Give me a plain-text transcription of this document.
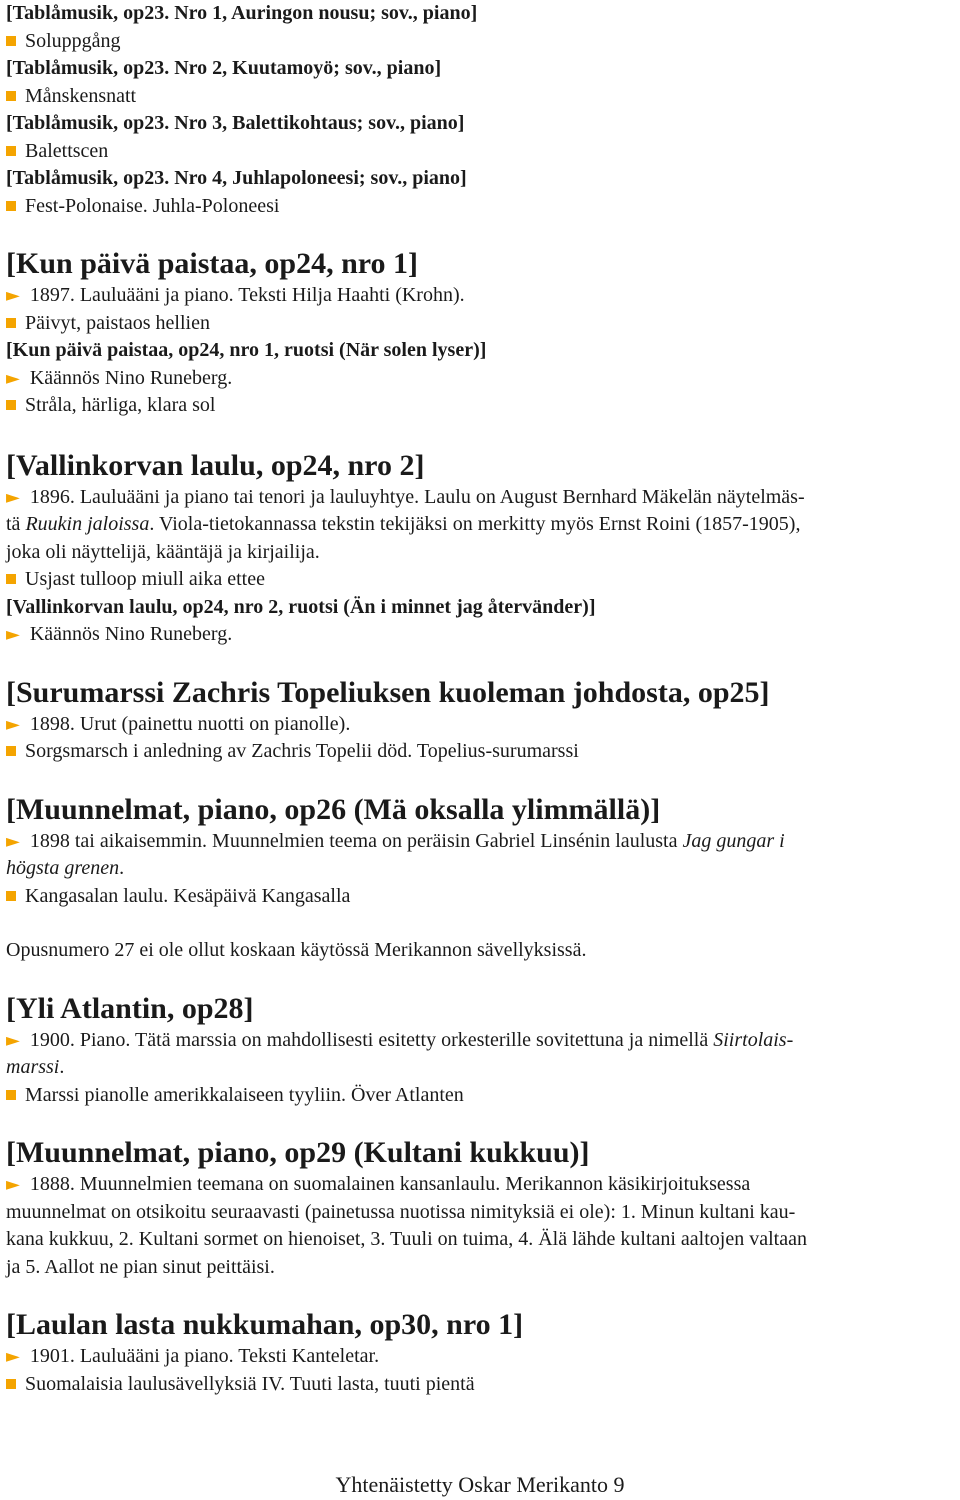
[Tablåmusik, op23. Nro 1, Auringon nousu; sov., piano]

Soluppgång

[Tablåmusik, op23. Nro 2, Kuutamoyö; sov., piano]

Månskensnatt

[Tablåmusik, op23. Nro 3, Balettikohtaus; sov., piano]

Balettscen

[Tablåmusik, op23. Nro 4, Juhlapoloneesi; sov., piano]

Fest-Polonaise. Juhla-Poloneesi

[Kun päivä paistaa, op24, nro 1]

► 1897. Lauluääni ja piano. Teksti Hilja Haahti (Krohn).

Päivyt, paistaos hellien

[Kun päivä paistaa, op24, nro 1, ruotsi (När solen lyser)]

► Käännös Nino Runeberg.

Stråla, härliga, klara sol

[Vallinkorvan laulu, op24, nro 2]

► 1896. Lauluääni ja piano tai tenori ja lauluyhtye. Laulu on August Bernhard Mäkelän näytelmäs-

tä Ruukin jaloissa. Viola-tietokannassa tekstin tekijäksi on merkitty myös Ernst Roini (1857-1905),

joka oli näyttelijä, kääntäjä ja kirjailija.

Usjast tulloop miull aika ettee

[Vallinkorvan laulu, op24, nro 2, ruotsi (Än i minnet jag återvänder)]

► Käännös Nino Runeberg.

[Surumarssi Zachris Topeliuksen kuoleman johdosta, op25]

► 1898. Urut (painettu nuotti on pianolle).

Sorgsmarsch i anledning av Zachris Topelii död. Topelius-surumarssi

[Muunnelmat, piano, op26 (Mä oksalla ylimmällä)]

► 1898 tai aikaisemmin. Muunnelmien teema on peräisin Gabriel Linsénin laulusta Jag gungar i

högsta grenen.

Kangasalan laulu. Kesäpäivä Kangasalla

Opusnumero 27 ei ole ollut koskaan käytössä Merikannon sävellyksissä.

[Yli Atlantin, op28]

► 1900. Piano. Tätä marssia on mahdollisesti esitetty orkesterille sovitettuna ja nimellä Siirtolais-

marssi.

Marssi pianolle amerikkalaiseen tyyliin. Över Atlanten

[Muunnelmat, piano, op29 (Kultani kukkuu)]

► 1888. Muunnelmien teemana on suomalainen kansanlaulu. Merikannon käsikirjoituksessa

muunnelmat on otsikoitu seuraavasti (painetussa nuotissa nimityksiä ei ole): 1. Minun kultani kau-

kana kukkuu, 2. Kultani sormet on hienoiset, 3. Tuuli on tuima, 4. Älä lähde kultani aaltojen valtaan

ja 5. Aallot ne pian sinut peittäisi.

[Laulan lasta nukkumahan, op30, nro 1]

► 1901. Lauluääni ja piano. Teksti Kanteletar.

Suomalaisia laulusävellyksiä IV. Tuuti lasta, tuuti pientä

Yhtenäistetty Oskar Merikanto 9
